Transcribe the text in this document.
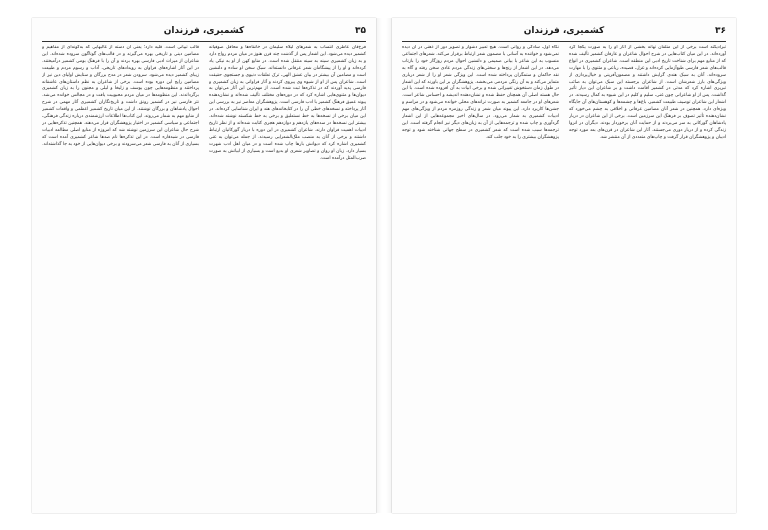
۳۵
کشمیری، فرزندان

فرخ‌قان عاطری انتساب به شعرهای لیلاه سلیمان در خانقاه‌ها و محافل صوفیانه کشمیر دیده می‌شود. این اشعار پس از گذشت چند قرن هنوز در میان مردم رواج دارد و به زبان کشمیری سینه به سینه منتقل شده است. در منابع کهن از او به نیکی یاد کرده‌اند و او را از پیشگامان شعر عرفانی دانسته‌اند. سبک سخن او ساده و دلنشین است و مضامین آن بیشتر در بیان عشق الهی، ترک تعلقات دنیوی و جستجوی حقیقت است. شاعران پس از او از شیوه وی پیروی کردند و آثار فراوانی به زبان کشمیری و فارسی پدید آوردند که در تذکره‌ها ثبت شده است. از مهم‌ترین این آثار می‌توان به دیوان‌ها و مثنوی‌هایی اشاره کرد که در دوره‌های مختلف تألیف شده‌اند و نشان‌دهنده پیوند عمیق فرهنگ کشمیر با ادب فارسی است. پژوهشگران معاصر نیز به بررسی این آثار پرداخته و نسخه‌های خطی آن را در کتابخانه‌های هند و ایران شناسایی کرده‌اند. در این میان برخی از نسخه‌ها به خط نستعلیق و برخی به خط شکسته نوشته شده‌اند. بیشتر این نسخه‌ها در سده‌های یازدهم و دوازدهم هجری کتابت شده‌اند و از نظر تاریخ ادبیات اهمیت فراوان دارند. شاعران کشمیری در این دوره با دربار گورکانیان ارتباط داشتند و برخی از آنان به منصب ملک‌الشعرایی رسیدند. از جمله می‌توان به غنی کشمیری اشاره کرد که دیوانش بارها چاپ شده است و در میان اهل ادب شهرت بسیار دارد. زبان او روان و تصاویر شعری او بدیع است و بسیاری از ابیاتش به صورت ضرب‌المثل درآمده است.

قالب تیپانی است. قلیه دارد؛ یعنی آن دسته از غالبهایی که به‌گونه‌ای از مفاهیم و مضامین دینی و تاریخی بهره می‌گیرند و در قالب‌های گوناگون سروده شده‌اند. این شاعران از میراث ادبی فارسی بهره بردند و آن را با فرهنگ بومی کشمیر درآمیختند. در این آثار اشاره‌های فراوان به رویدادهای تاریخی، آداب و رسوم مردم و طبیعت زیبای کشمیر دیده می‌شود. سرودن شعر در مدح بزرگان و ستایش اولیای دین نیز از مضامین رایج این دوره بوده است. برخی از شاعران به نظم داستان‌های عاشقانه پرداختند و منظومه‌هایی چون یوسف و زلیخا و لیلی و مجنون را به زبان کشمیری برگرداندند. این منظومه‌ها در میان مردم محبوبیت یافت و در مجالس خوانده می‌شد. نثر فارسی نیز در کشمیر رونق داشت و تاریخ‌نگاران کشمیری آثار مهمی در شرح احوال پادشاهان و بزرگان نوشتند. از این میان تاریخ کشمیر اعظمی و واقعات کشمیر از منابع مهم به شمار می‌روند. این کتاب‌ها اطلاعات ارزشمندی درباره زندگی فرهنگی، اجتماعی و سیاسی کشمیر در اختیار پژوهشگران قرار می‌دهند. همچنین تذکره‌هایی در شرح حال شاعران این سرزمین نوشته شد که امروزه از منابع اصلی مطالعه ادبیات فارسی در شبه‌قاره است. در این تذکره‌ها نام صدها شاعر کشمیری آمده است که بسیاری از آنان به فارسی شعر می‌سرودند و برخی دیوان‌هایی از خود به جا گذاشته‌اند.

۳۶
کشمیری، فرزندان

تبرادیکته است برخی از این متلفان تهانه بخشی از آثار او را به صورت یکجا گرد آورده‌اند. در این میان کتاب‌هایی در شرح احوال شاعران و عارفان کشمیر تألیف شده که از منابع مهم برای شناخت تاریخ ادبی این منطقه است. شاعران کشمیری در انواع قالب‌های شعر فارسی طبع‌آزمایی کرده‌اند و غزل، قصیده، رباعی و مثنوی را با مهارت سروده‌اند. آنان به سبک هندی گرایش داشتند و مضمون‌آفرینی و خیال‌پردازی از ویژگی‌های بارز شعرشان است. از شاعران برجسته این سبک می‌توان به صائب تبریزی اشاره کرد که مدتی در کشمیر اقامت داشت و بر شاعران این دیار تأثیر گذاشت. پس از او شاعرانی چون غنی، سلیم و کلیم در این شیوه به کمال رسیدند. در اشعار این شاعران توصیف طبیعت کشمیر، باغ‌ها و چشمه‌ها و کوهستان‌های آن جایگاه ویژه‌ای دارد. همچنین در شعر آنان مضامین عرفانی و اخلاقی به چشم می‌خورد که نشان‌دهنده تأثیر تصوف بر فرهنگ این سرزمین است. برخی از این شاعران در دربار پادشاهان گورکانی به سر می‌بردند و از حمایت آنان برخوردار بودند. دیگران در انزوا زندگی کرده و از دربار دوری می‌جستند. آثار این شاعران در قرن‌های بعد مورد توجه ادیبان و پژوهشگران قرار گرفت و چاپ‌های متعددی از آن منتشر شد.

نگاه اول، سادگی و روانی است. هیچ تعبیر دشوار و تصویر دور از ذهنی در آن دیده نمی‌شود و خواننده به آسانی با مضمون شعر ارتباط برقرار می‌کند. شعرهای اجتماعی منسوب به این شاعر با بیانی صمیمی و دلنشین احوال مردم روزگار خود را بازتاب می‌دهد. در این اشعار از رنج‌ها و سختی‌های زندگی مردم عادی سخن رفته و گاه به نقد حاکمان و ستمگران پرداخته شده است. این ویژگی شعر او را از شعر درباری متمایز می‌کند و به آن رنگی مردمی می‌بخشد. پژوهشگران بر این باورند که این اشعار در طول زمان دستخوش تغییراتی شده و برخی ابیات به آن افزوده شده است. با این حال هسته اصلی آن همچنان حفظ شده و نشان‌دهنده اندیشه و احساس شاعر است. شعرهای او در جامعه کشمیر به صورت ترانه‌های محلی خوانده می‌شود و در مراسم و جشن‌ها کاربرد دارد. این پیوند میان شعر و زندگی روزمره مردم از ویژگی‌های مهم ادبیات کشمیری به شمار می‌رود. در سال‌های اخیر مجموعه‌هایی از این اشعار گردآوری و چاپ شده و ترجمه‌هایی از آن به زبان‌های دیگر نیز انجام گرفته است. این ترجمه‌ها سبب شده است که شعر کشمیری در سطح جهانی شناخته شود و توجه پژوهشگران بیشتری را به خود جلب کند.
